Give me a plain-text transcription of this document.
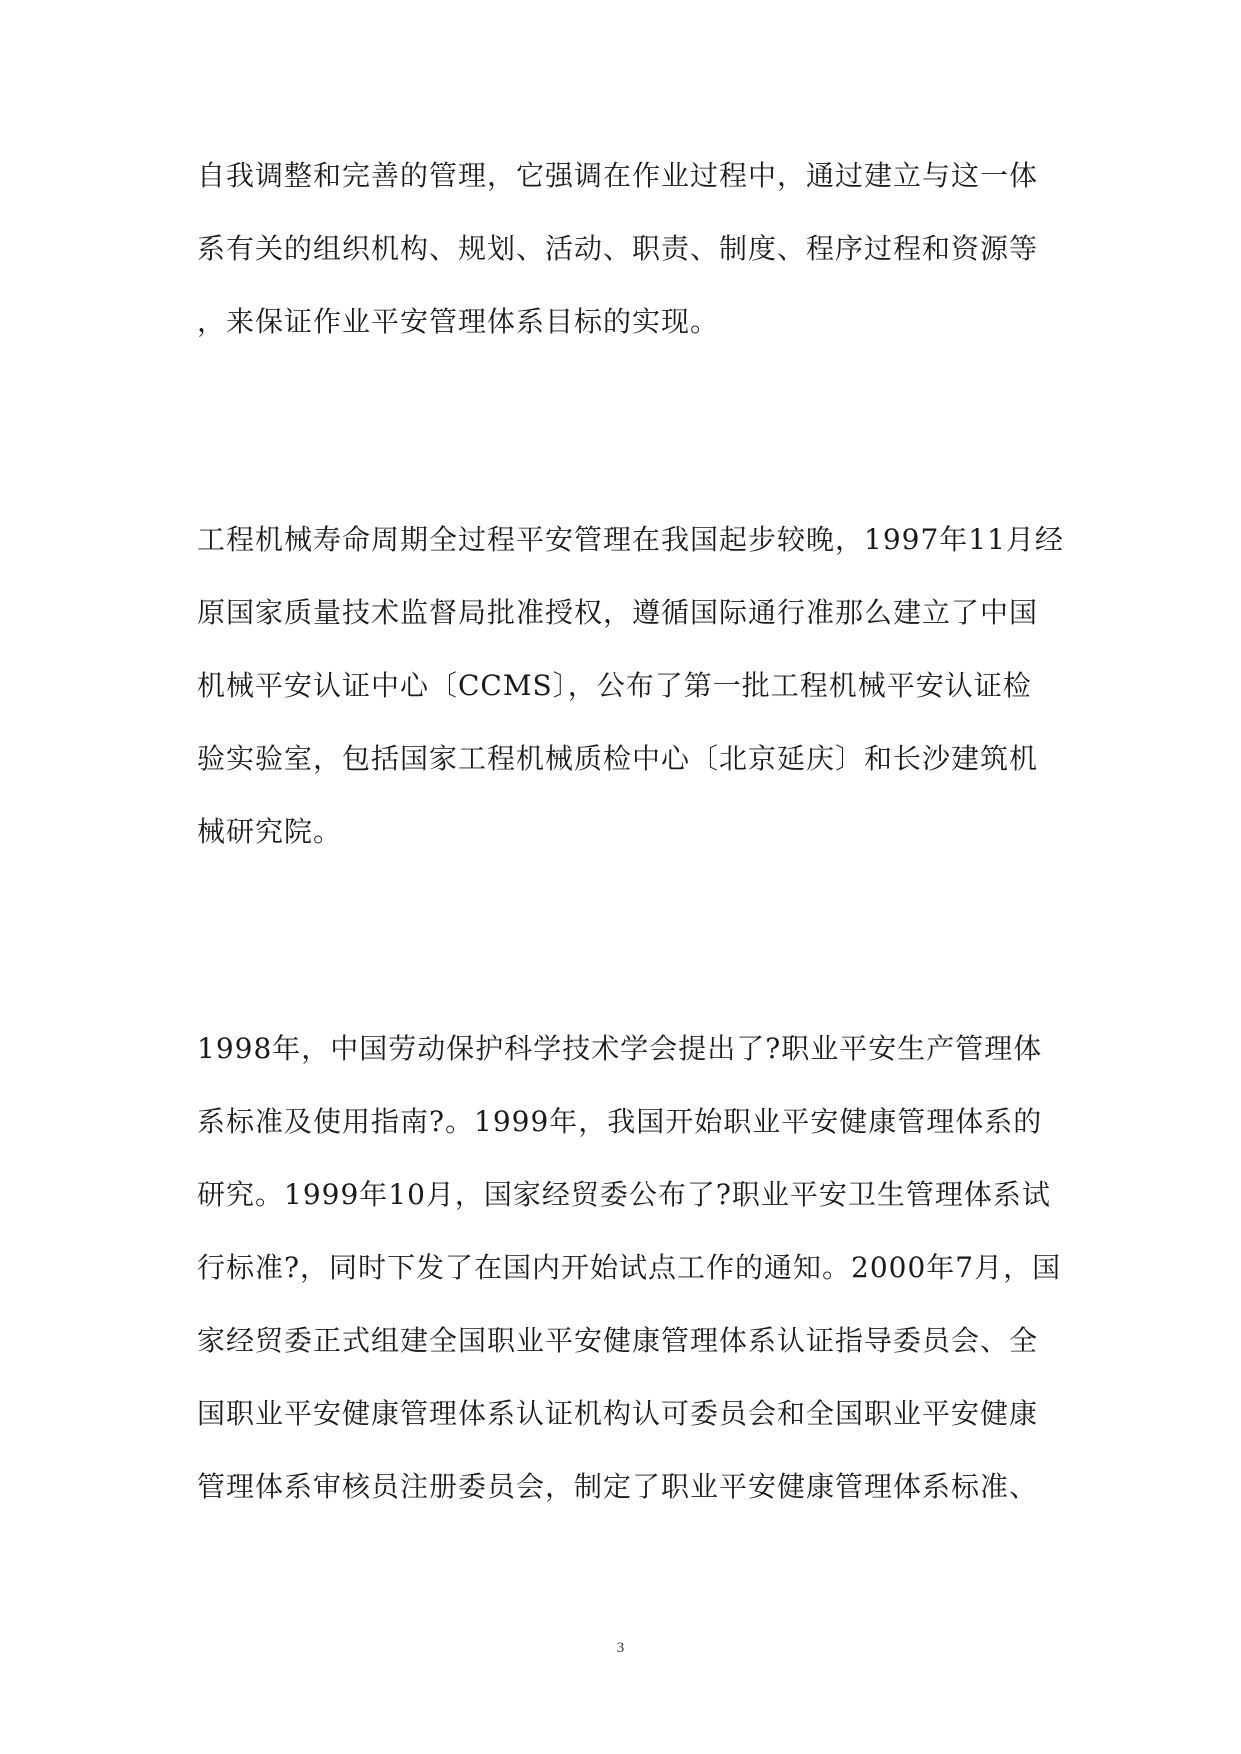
自我调整和完善的管理，它强调在作业过程中，通过建立与这一体
系有关的组织机构、规划、活动、职责、制度、程序过程和资源等
，来保证作业平安管理体系目标的实现。
工程机械寿命周期全过程平安管理在我国起步较晚，1997年11月经
原国家质量技术监督局批准授权，遵循国际通行准那么建立了中国
机械平安认证中心〔CCMS〕，公布了第一批工程机械平安认证检
验实验室，包括国家工程机械质检中心〔北京延庆〕和长沙建筑机
械研究院。
1998年，中国劳动保护科学技术学会提出了?职业平安生产管理体
系标准及使用指南?。1999年，我国开始职业平安健康管理体系的
研究。1999年10月，国家经贸委公布了?职业平安卫生管理体系试
行标准?，同时下发了在国内开始试点工作的通知。2000年7月，国
家经贸委正式组建全国职业平安健康管理体系认证指导委员会、全
国职业平安健康管理体系认证机构认可委员会和全国职业平安健康
管理体系审核员注册委员会，制定了职业平安健康管理体系标准、
3
